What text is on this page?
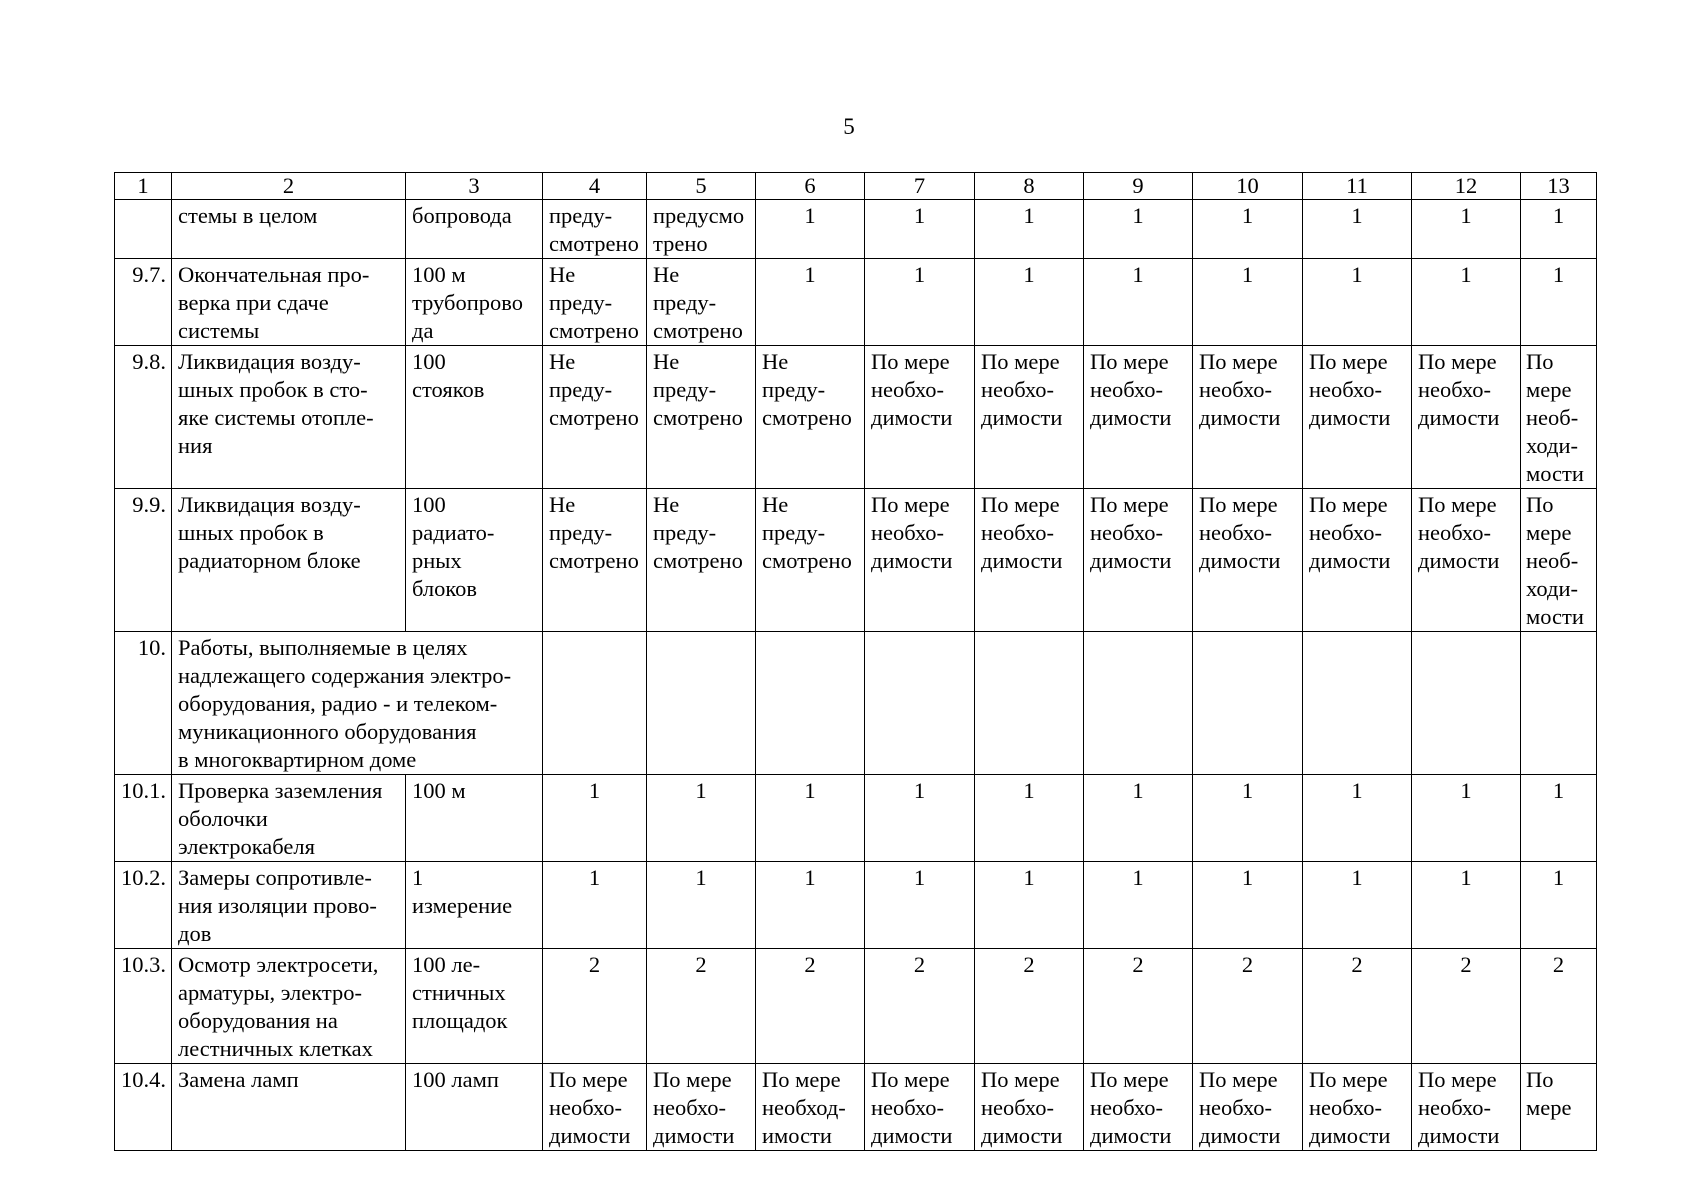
5
1	2	3	4	5	6	7	8	9	10	11	12	13
	стемы в целом	бопровода	преду-
смотрено	предусмо
трено	1	1	1	1	1	1	1	1
9.7.	Окончательная про-
верка при сдаче
системы	100 м
трубопрово
да	Не
преду-
смотрено	Не
преду-
смотрено	1	1	1	1	1	1	1	1
9.8.	Ликвидация возду-
шных пробок в сто-
яке системы отопле-
ния	100
стояков	Не
преду-
смотрено	Не
преду-
смотрено	Не
преду-
смотрено	По мере
необхо-
димости	По мере
необхо-
димости	По мере
необхо-
димости	По мере
необхо-
димости	По мере
необхо-
димости	По мере
необхо-
димости	По
мере
необ-
ходи-
мости
9.9.	Ликвидация возду-
шных пробок в
радиаторном блоке	100
радиато-
рных
блоков	Не
преду-
смотрено	Не
преду-
смотрено	Не
преду-
смотрено	По мере
необхо-
димости	По мере
необхо-
димости	По мере
необхо-
димости	По мере
необхо-
димости	По мере
необхо-
димости	По мере
необхо-
димости	По
мере
необ-
ходи-
мости
10.	Работы, выполняемые в целях
надлежащего содержания электро-
оборудования, радио - и телеком-
муникационного оборудования
в многоквартирном доме											
10.1.	Проверка заземления
оболочки
электрокабеля	100 м	1	1	1	1	1	1	1	1	1	1
10.2.	Замеры сопротивле-
ния изоляции прово-
дов	1
измерение	1	1	1	1	1	1	1	1	1	1
10.3.	Осмотр электросети,
арматуры, электро-
оборудования на
лестничных клетках	100 ле-
стничных
площадок	2	2	2	2	2	2	2	2	2	2
10.4.	Замена ламп	100 ламп	По мере
необхо-
димости	По мере
необхо-
димости	По мере
необход-
имости	По мере
необхо-
димости	По мере
необхо-
димости	По мере
необхо-
димости	По мере
необхо-
димости	По мере
необхо-
димости	По мере
необхо-
димости	По
мере
